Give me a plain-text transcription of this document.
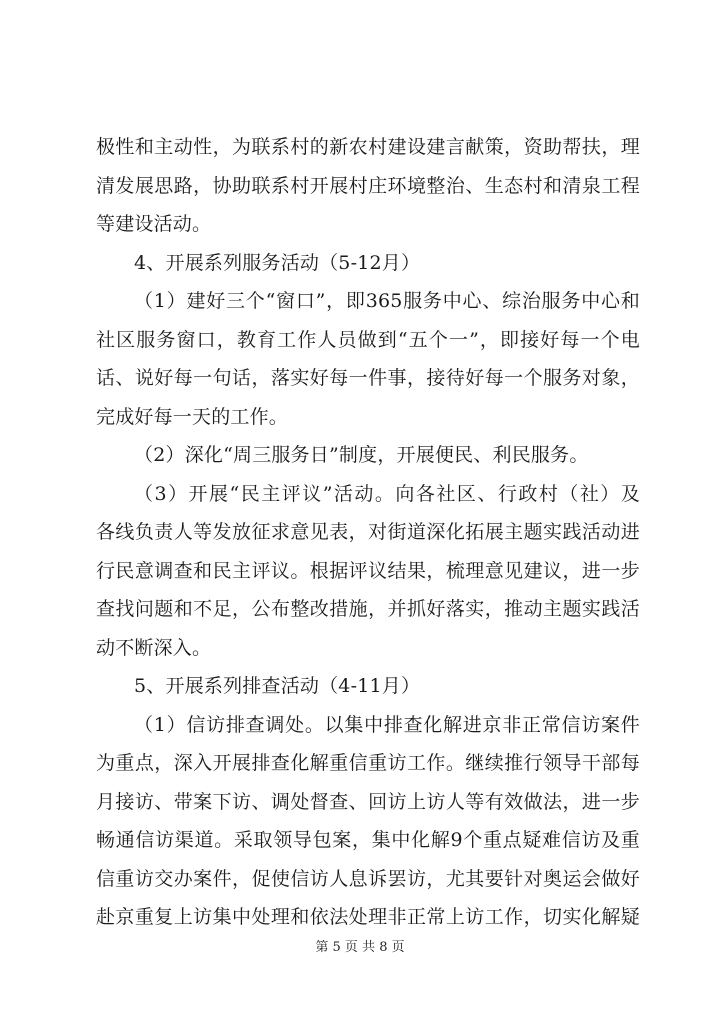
极性和主动性，为联系村的新农村建设建言献策，资助帮扶，理
清发展思路，协助联系村开展村庄环境整治、生态村和清泉工程
等建设活动。
4、开展系列服务活动（5-12月）
（1）建好三个“窗口”，即365服务中心、综治服务中心和
社区服务窗口，教育工作人员做到“五个一”，即接好每一个电
话、说好每一句话，落实好每一件事，接待好每一个服务对象，
完成好每一天的工作。
（2）深化“周三服务日”制度，开展便民、利民服务。
（3）开展“民主评议”活动。向各社区、行政村（社）及
各线负责人等发放征求意见表，对街道深化拓展主题实践活动进
行民意调查和民主评议。根据评议结果，梳理意见建议，进一步
查找问题和不足，公布整改措施，并抓好落实，推动主题实践活
动不断深入。
5、开展系列排查活动（4-11月）
（1）信访排查调处。以集中排查化解进京非正常信访案件
为重点，深入开展排查化解重信重访工作。继续推行领导干部每
月接访、带案下访、调处督查、回访上访人等有效做法，进一步
畅通信访渠道。采取领导包案，集中化解9个重点疑难信访及重
信重访交办案件，促使信访人息诉罢访，尤其要针对奥运会做好
赴京重复上访集中处理和依法处理非正常上访工作，切实化解疑
第 5 页 共 8 页
